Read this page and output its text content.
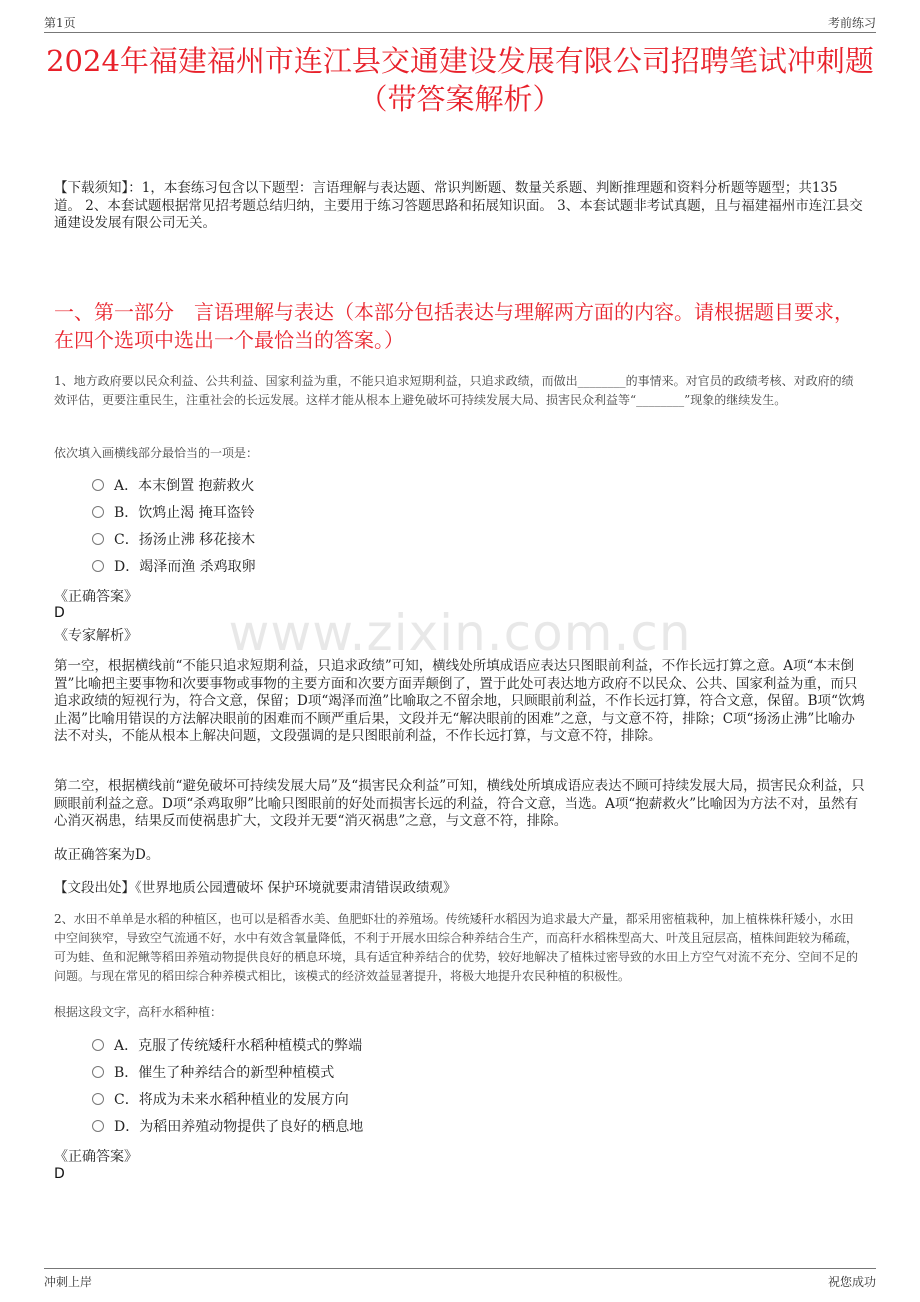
第1页	考前练习
2024年福建福州市连江县交通建设发展有限公司招聘笔试冲刺题（带答案解析）
【下载须知】：1，本套练习包含以下题型：言语理解与表达题、常识判断题、数量关系题、判断推理题和资料分析题等题型；共135道。 2、本套试题根据常见招考题总结归纳，主要用于练习答题思路和拓展知识面。 3、本套试题非考试真题，且与福建福州市连江县交通建设发展有限公司无关。
一、第一部分　言语理解与表达（本部分包括表达与理解两方面的内容。请根据题目要求，在四个选项中选出一个最恰当的答案。）
1、地方政府要以民众利益、公共利益、国家利益为重，不能只追求短期利益，只追求政绩，而做出________的事情来。对官员的政绩考核、对政府的绩效评估，更要注重民生，注重社会的长远发展。这样才能从根本上避免破坏可持续发展大局、损害民众利益等“________”现象的继续发生。
依次填入画横线部分最恰当的一项是：
A．本末倒置 抱薪救火
B．饮鸩止渴 掩耳盗铃
C．扬汤止沸 移花接木
D．竭泽而渔 杀鸡取卵
《正确答案》
D
《专家解析》	www.zixin.com.cn
第一空，根据横线前“不能只追求短期利益，只追求政绩”可知，横线处所填成语应表达只图眼前利益，不作长远打算之意。A项“本末倒置”比喻把主要事物和次要事物或事物的主要方面和次要方面弄颠倒了，置于此处可表达地方政府不以民众、公共、国家利益为重，而只追求政绩的短视行为，符合文意，保留；D项“竭泽而渔”比喻取之不留余地，只顾眼前利益，不作长远打算，符合文意，保留。B项“饮鸩止渴”比喻用错误的方法解决眼前的困难而不顾严重后果，文段并无“解决眼前的困难”之意，与文意不符，排除；C项“扬汤止沸”比喻办法不对头，不能从根本上解决问题，文段强调的是只图眼前利益，不作长远打算，与文意不符，排除。
第二空，根据横线前“避免破坏可持续发展大局”及“损害民众利益”可知，横线处所填成语应表达不顾可持续发展大局，损害民众利益，只顾眼前利益之意。D项“杀鸡取卵”比喻只图眼前的好处而损害长远的利益，符合文意，当选。A项“抱薪救火”比喻因为方法不对，虽然有心消灭祸患，结果反而使祸患扩大，文段并无要“消灭祸患”之意，与文意不符，排除。
故正确答案为D。
【文段出处】《世界地质公园遭破坏 保护环境就要肃清错误政绩观》
2、水田不单单是水稻的种植区，也可以是稻香水美、鱼肥虾壮的养殖场。传统矮秆水稻因为追求最大产量，都采用密植栽种，加上植株株秆矮小，水田中空间狭窄，导致空气流通不好，水中有效含氧量降低，不利于开展水田综合种养结合生产，而高秆水稻株型高大、叶茂且冠层高，植株间距较为稀疏，可为蛙、鱼和泥鳅等稻田养殖动物提供良好的栖息环境，具有适宜种养结合的优势，较好地解决了植株过密导致的水田上方空气对流不充分、空间不足的问题。与现在常见的稻田综合种养模式相比，该模式的经济效益显著提升，将极大地提升农民种植的积极性。
根据这段文字，高秆水稻种植：
A．克服了传统矮秆水稻种植模式的弊端
B．催生了种养结合的新型种植模式
C．将成为未来水稻种植业的发展方向
D．为稻田养殖动物提供了良好的栖息地
《正确答案》
D
冲刺上岸	祝您成功
